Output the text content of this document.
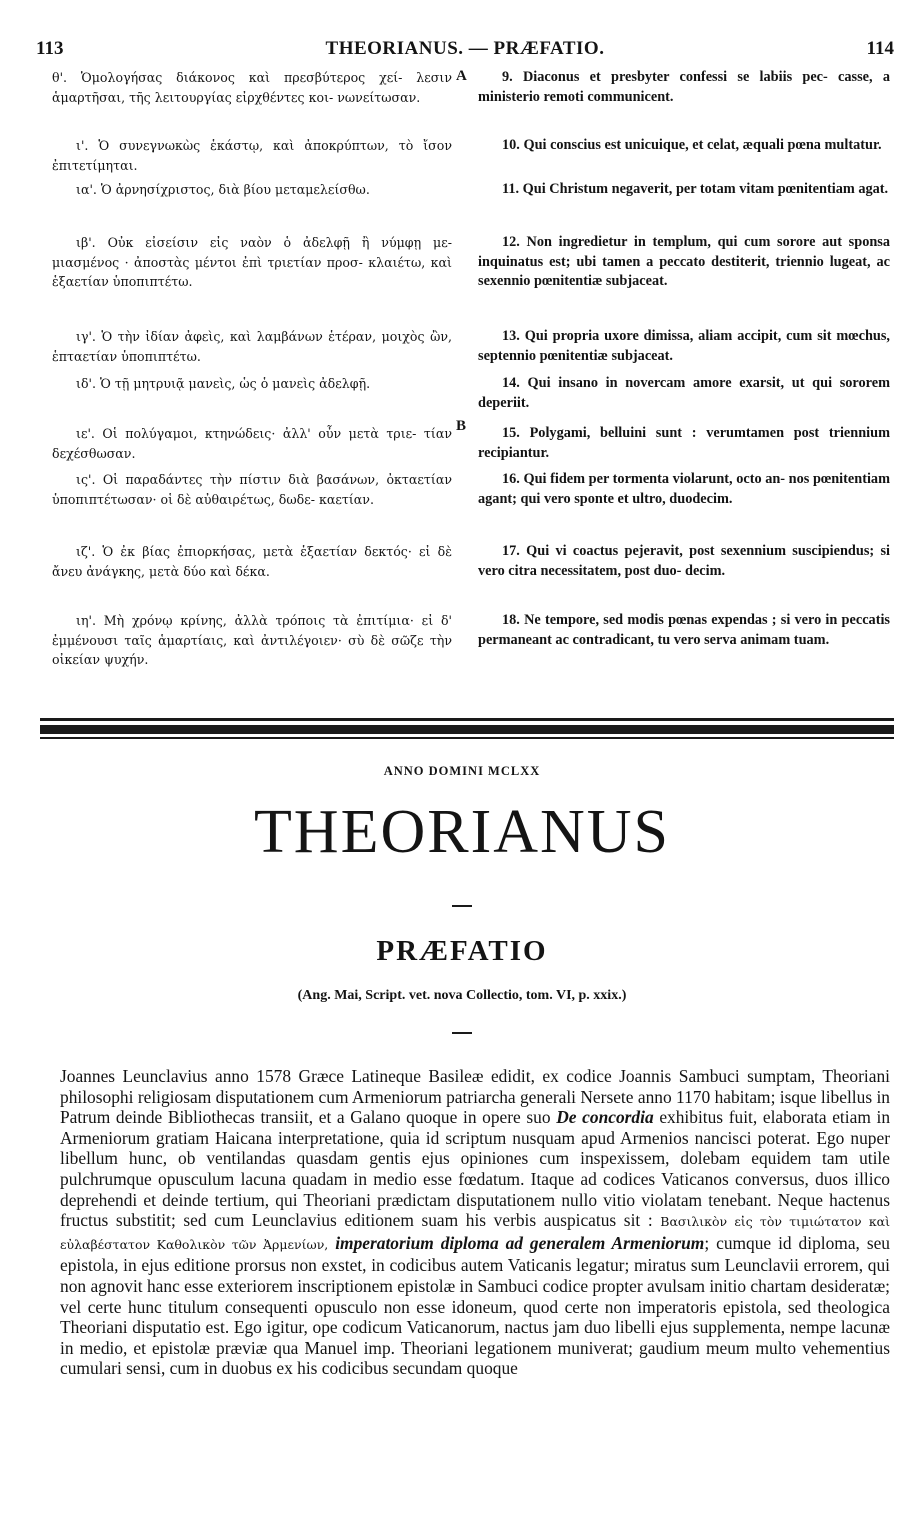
113	THEORIANUS. — PRÆFATIO.	114
θ'. Ὁμολογήσας διάκονος καὶ πρεσβύτερος χεί- λεσιν ἁμαρτῆσαι, τῆς λειτουργίας εἰρχθέντες κοι- νωνείτωσαν.
ι'. Ὁ συνεγνωκὼς ἑκάστῳ, καὶ ἀποκρύπτων, τὸ ἴσον ἐπιτετίμηται.
ια'. Ὁ ἀρνησίχριστος, διὰ βίου μεταμελείσθω.
ιβ'. Οὐκ εἰσείσιν εἰς ναὸν ὁ ἀδελφῇ ἢ νύμφῃ με- μιασμένος · ἀποστὰς μέντοι ἐπὶ τριετίαν προσ- κλαιέτω, καὶ ἑξαετίαν ὑποπιπτέτω.
ιγ'. Ὁ τὴν ἰδίαν ἀφεὶς, καὶ λαμβάνων ἑτέραν, μοιχὸς ὢν, ἑπταετίαν ὑποπιπτέτω.
ιδ'. Ὁ τῇ μητρυιᾷ μανεὶς, ὡς ὁ μανεὶς ἀδελφῇ.
ιε'. Οἱ πολύγαμοι, κτηνώδεις· ἀλλ' οὖν μετὰ τριε- τίαν δεχέσθωσαν.
ις'. Οἱ παραδάντες τὴν πίστιν διὰ βασάνων, ὀκταετίαν ὑποπιπτέτωσαν· οἱ δὲ αὐθαιρέτως, δωδε- καετίαν.
ιζ'. Ὁ ἐκ βίας ἐπιορκήσας, μετὰ ἑξαετίαν δεκτός· εἰ δὲ ἄνευ ἀνάγκης, μετὰ δύο καὶ δέκα.
ιη'. Μὴ χρόνῳ κρίνης, ἀλλὰ τρόποις τὰ ἐπιτίμια· εἰ δ' ἐμμένουσι ταῖς ἁμαρτίαις, καὶ ἀντιλέγοιεν· σὺ δὲ σῶζε τὴν οἰκείαν ψυχήν.
A
B
9. Diaconus et presbyter confessi se labiis pec- casse, a ministerio remoti communicent.
10. Qui conscius est unicuique, et celat, æquali pœna multatur.
11. Qui Christum negaverit, per totam vitam pœnitentiam agat.
12. Non ingredietur in templum, qui cum sorore aut sponsa inquinatus est; ubi tamen a peccato destiterit, triennio lugeat, ac sexennio pœnitentiæ subjaceat.
13. Qui propria uxore dimissa, aliam accipit, cum sit mœchus, septennio pœnitentiæ subjaceat.
14. Qui insano in novercam amore exarsit, ut qui sororem deperiit.
15. Polygami, belluini sunt : verumtamen post triennium recipiantur.
16. Qui fidem per tormenta violarunt, octo an- nos pœnitentiam agant; qui vero sponte et ultro, duodecim.
17. Qui vi coactus pejeravit, post sexennium suscipiendus; si vero citra necessitatem, post duo- decim.
18. Ne tempore, sed modis pœnas expendas ; si vero in peccatis permaneant ac contradicant, tu vero serva animam tuam.
ANNO DOMINI MCLXX
THEORIANUS
PRÆFATIO
(Ang. Mai, Script. vet. nova Collectio, tom. VI, p. xxix.)

Joannes Leunclavius anno 1578 Græce Latineque Basileæ edidit, ex codice Joannis Sambuci sumptam, Theoriani philosophi religiosam disputationem cum Armeniorum patriarcha generali Nersete anno 1170 habitam; isque libellus in Patrum deinde Bibliothecas transiit, et a Galano quoque in opere suo De concordia exhibitus fuit, elaborata etiam in Armeniorum gratiam Haicana interpretatione, quia id scriptum nusquam apud Armenios nancisci poterat. Ego nuper libellum hunc, ob ventilandas quasdam gentis ejus opiniones cum inspexissem, dolebam equidem tam utile pulchrumque opusculum lacuna quadam in medio esse fœdatum. Itaque ad codices Vaticanos conversus, duos illico deprehendi et deinde tertium, qui Theoriani prædictam disputationem nullo vitio violatam tenebant. Neque hactenus fructus substitit; sed cum Leunclavius editionem suam his verbis auspicatus sit : Βασιλικὸν εἰς τὸν τιμιώτατον καὶ εὐλαβέστατον Καθολικὸν τῶν Ἀρμενίων, imperatorium diploma ad generalem Armeniorum; cumque id diploma, seu epistola, in ejus editione prorsus non exstet, in codicibus autem Vaticanis legatur; miratus sum Leunclavii errorem, qui non agnovit hanc esse exteriorem inscriptionem epistolæ in Sambuci codice propter avulsam initio chartam desideratæ; vel certe hunc titulum consequenti opusculo non esse idoneum, quod certe non imperatoris epistola, sed theologica Theoriani disputatio est. Ego igitur, ope codicum Vaticanorum, nactus jam duo libelli ejus supplementa, nempe lacunæ in medio, et epistolæ præviæ qua Manuel imp. Theoriani legationem muniverat; gaudium meum multo vehementius cumulari sensi, cum in duobus ex his codicibus secundam quoque
